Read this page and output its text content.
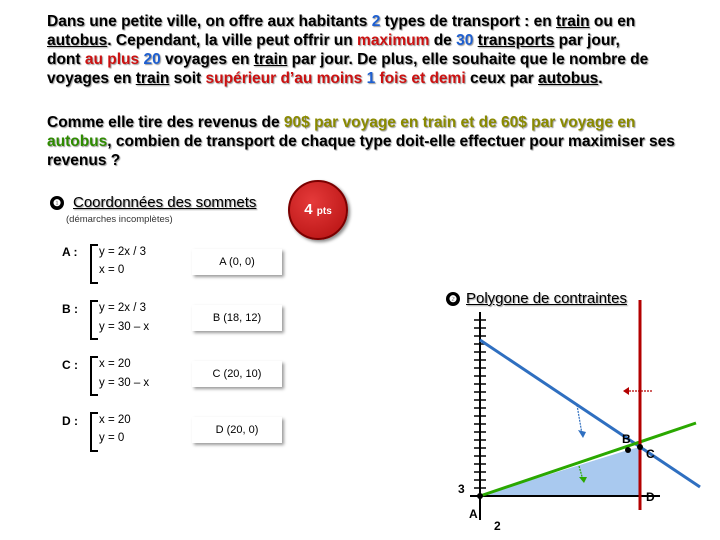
Dans une petite ville, on offre aux habitants 2 types de transport : en train ou en
autobus. Cependant, la ville peut offrir un maximum de 30 transports par jour,
dont au plus 20 voyages en train par jour. De plus, elle souhaite que le nombre de voyages en train soit supérieur d’au moins 1 fois et demi ceux par autobus.
Comme elle tire des revenus de 90$ par voyage en train et de 60$ par voyage en autobus, combien de transport de chaque type doit-elle effectuer pour maximiser ses revenus ?
❶ Coordonnées des sommets
(démarches incomplètes)
4 pts
A : y = 2x / 3
x = 0
A (0, 0)
B : y = 2x / 3
y = 30 – x
B (18, 12)
C : x = 20
y = 30 – x
C (20, 10)
D : x = 20
y = 0
D (20, 0)
❷ Polygone de contraintes
B
C
D
A
3
2
